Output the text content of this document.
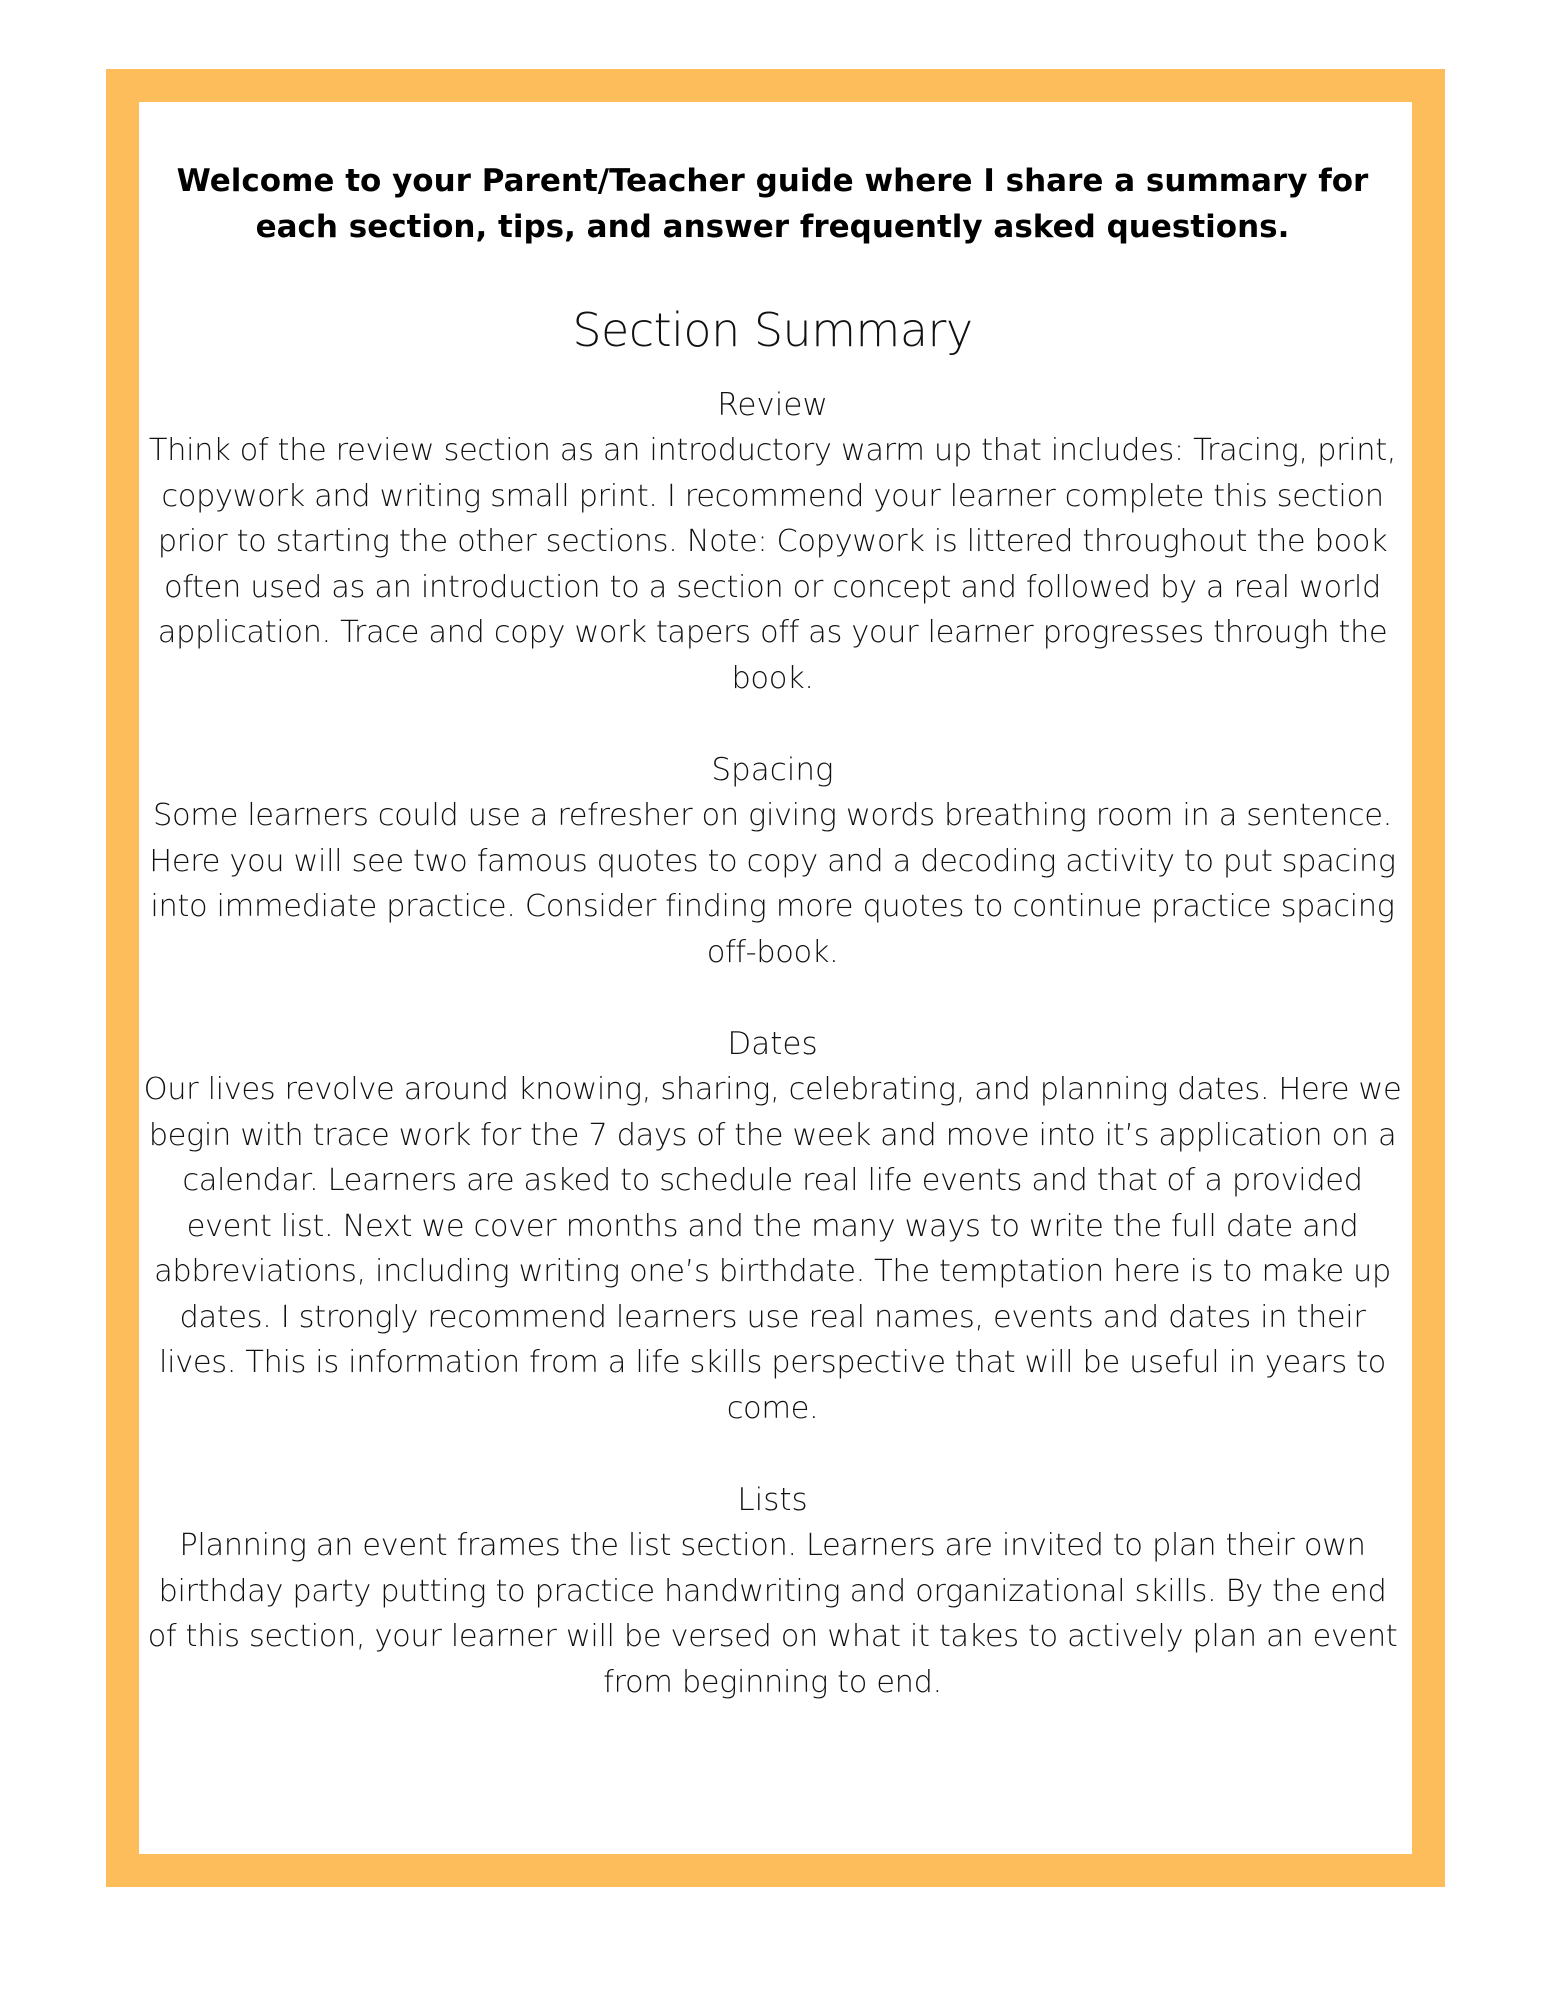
Welcome to your Parent/Teacher guide where I share a summary for each section, tips, and answer frequently asked questions.

Section Summary

Review

Think of the review section as an introductory warm up that includes: Tracing, print, copywork and writing small print. I recommend your learner complete this section prior to starting the other sections. Note: Copywork is littered throughout the book often used as an introduction to a section or concept and followed by a real world application. Trace and copy work tapers off as your learner progresses through the book.

Spacing

Some learners could use a refresher on giving words breathing room in a sentence. Here you will see two famous quotes to copy and a decoding activity to put spacing into immediate practice. Consider finding more quotes to continue practice spacing off-book.

Dates

Our lives revolve around knowing, sharing, celebrating, and planning dates. Here we begin with trace work for the 7 days of the week and move into it’s application on a calendar. Learners are asked to schedule real life events and that of a provided event list. Next we cover months and the many ways to write the full date and abbreviations, including writing one’s birthdate. The temptation here is to make up dates. I strongly recommend learners use real names, events and dates in their lives. This is information from a life skills perspective that will be useful in years to come.

Lists

Planning an event frames the list section. Learners are invited to plan their own birthday party putting to practice handwriting and organizational skills. By the end of this section, your learner will be versed on what it takes to actively plan an event from beginning to end.
